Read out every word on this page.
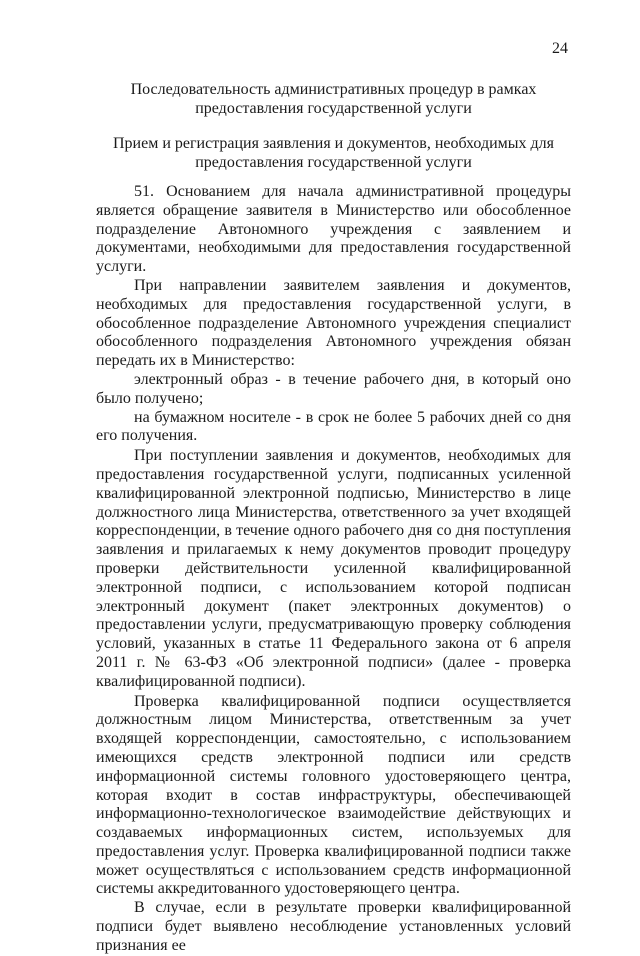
24
Последовательность административных процедур в рамках предоставления государственной услуги
Прием и регистрация заявления и документов, необходимых для предоставления государственной услуги

51. Основанием для начала административной процедуры является обращение заявителя в Министерство или обособленное подразделение Автономного учреждения с заявлением и документами, необходимыми для предоставления государственной услуги.

При направлении заявителем заявления и документов, необходимых для предоставления государственной услуги, в обособленное подразделение Автономного учреждения специалист обособленного подразделения Автономного учреждения обязан передать их в Министерство:

электронный образ - в течение рабочего дня, в который оно было получено;

на бумажном носителе - в срок не более 5 рабочих дней со дня его получения.

При поступлении заявления и документов, необходимых для предоставления государственной услуги, подписанных усиленной квалифицированной электронной подписью, Министерство в лице должностного лица Министерства, ответственного за учет входящей корреспонденции, в течение одного рабочего дня со дня поступления заявления и прилагаемых к нему документов проводит процедуру проверки действительности усиленной квалифицированной электронной подписи, с использованием которой подписан электронный документ (пакет электронных документов) о предоставлении услуги, предусматривающую проверку соблюдения условий, указанных в статье 11 Федерального закона от 6 апреля 2011 г. № 63-ФЗ «Об электронной подписи» (далее - проверка квалифицированной подписи).

Проверка квалифицированной подписи осуществляется должностным лицом Министерства, ответственным за учет входящей корреспонденции, самостоятельно, с использованием имеющихся средств электронной подписи или средств информационной системы головного удостоверяющего центра, которая входит в состав инфраструктуры, обеспечивающей информационно-технологическое взаимодействие действующих и создаваемых информационных систем, используемых для предоставления услуг. Проверка квалифицированной подписи также может осуществляться с использованием средств информационной системы аккредитованного удостоверяющего центра.

В случае, если в результате проверки квалифицированной подписи будет выявлено несоблюдение установленных условий признания ее
